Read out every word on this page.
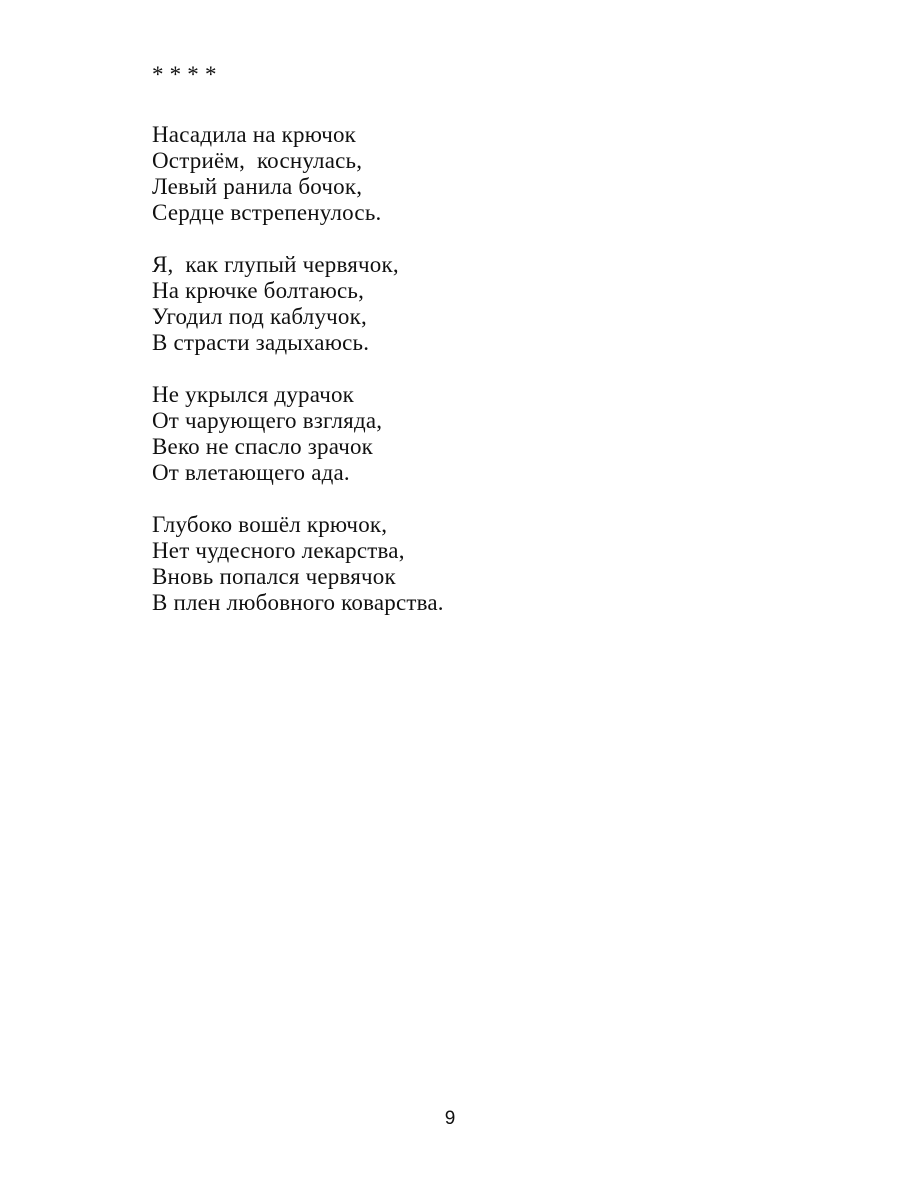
* * * *
Насадила на крючок
Остриём,  коснулась,
Левый ранила бочок,
Сердце встрепенулось.
Я,  как глупый червячок,
На крючке болтаюсь,
Угодил под каблучок,
В страсти задыхаюсь.
Не укрылся дурачок
От чарующего взгляда,
Веко не спасло зрачок
От влетающего ада.
Глубоко вошёл крючок,
Нет чудесного лекарства,
Вновь попался червячок
В плен любовного коварства.
9
